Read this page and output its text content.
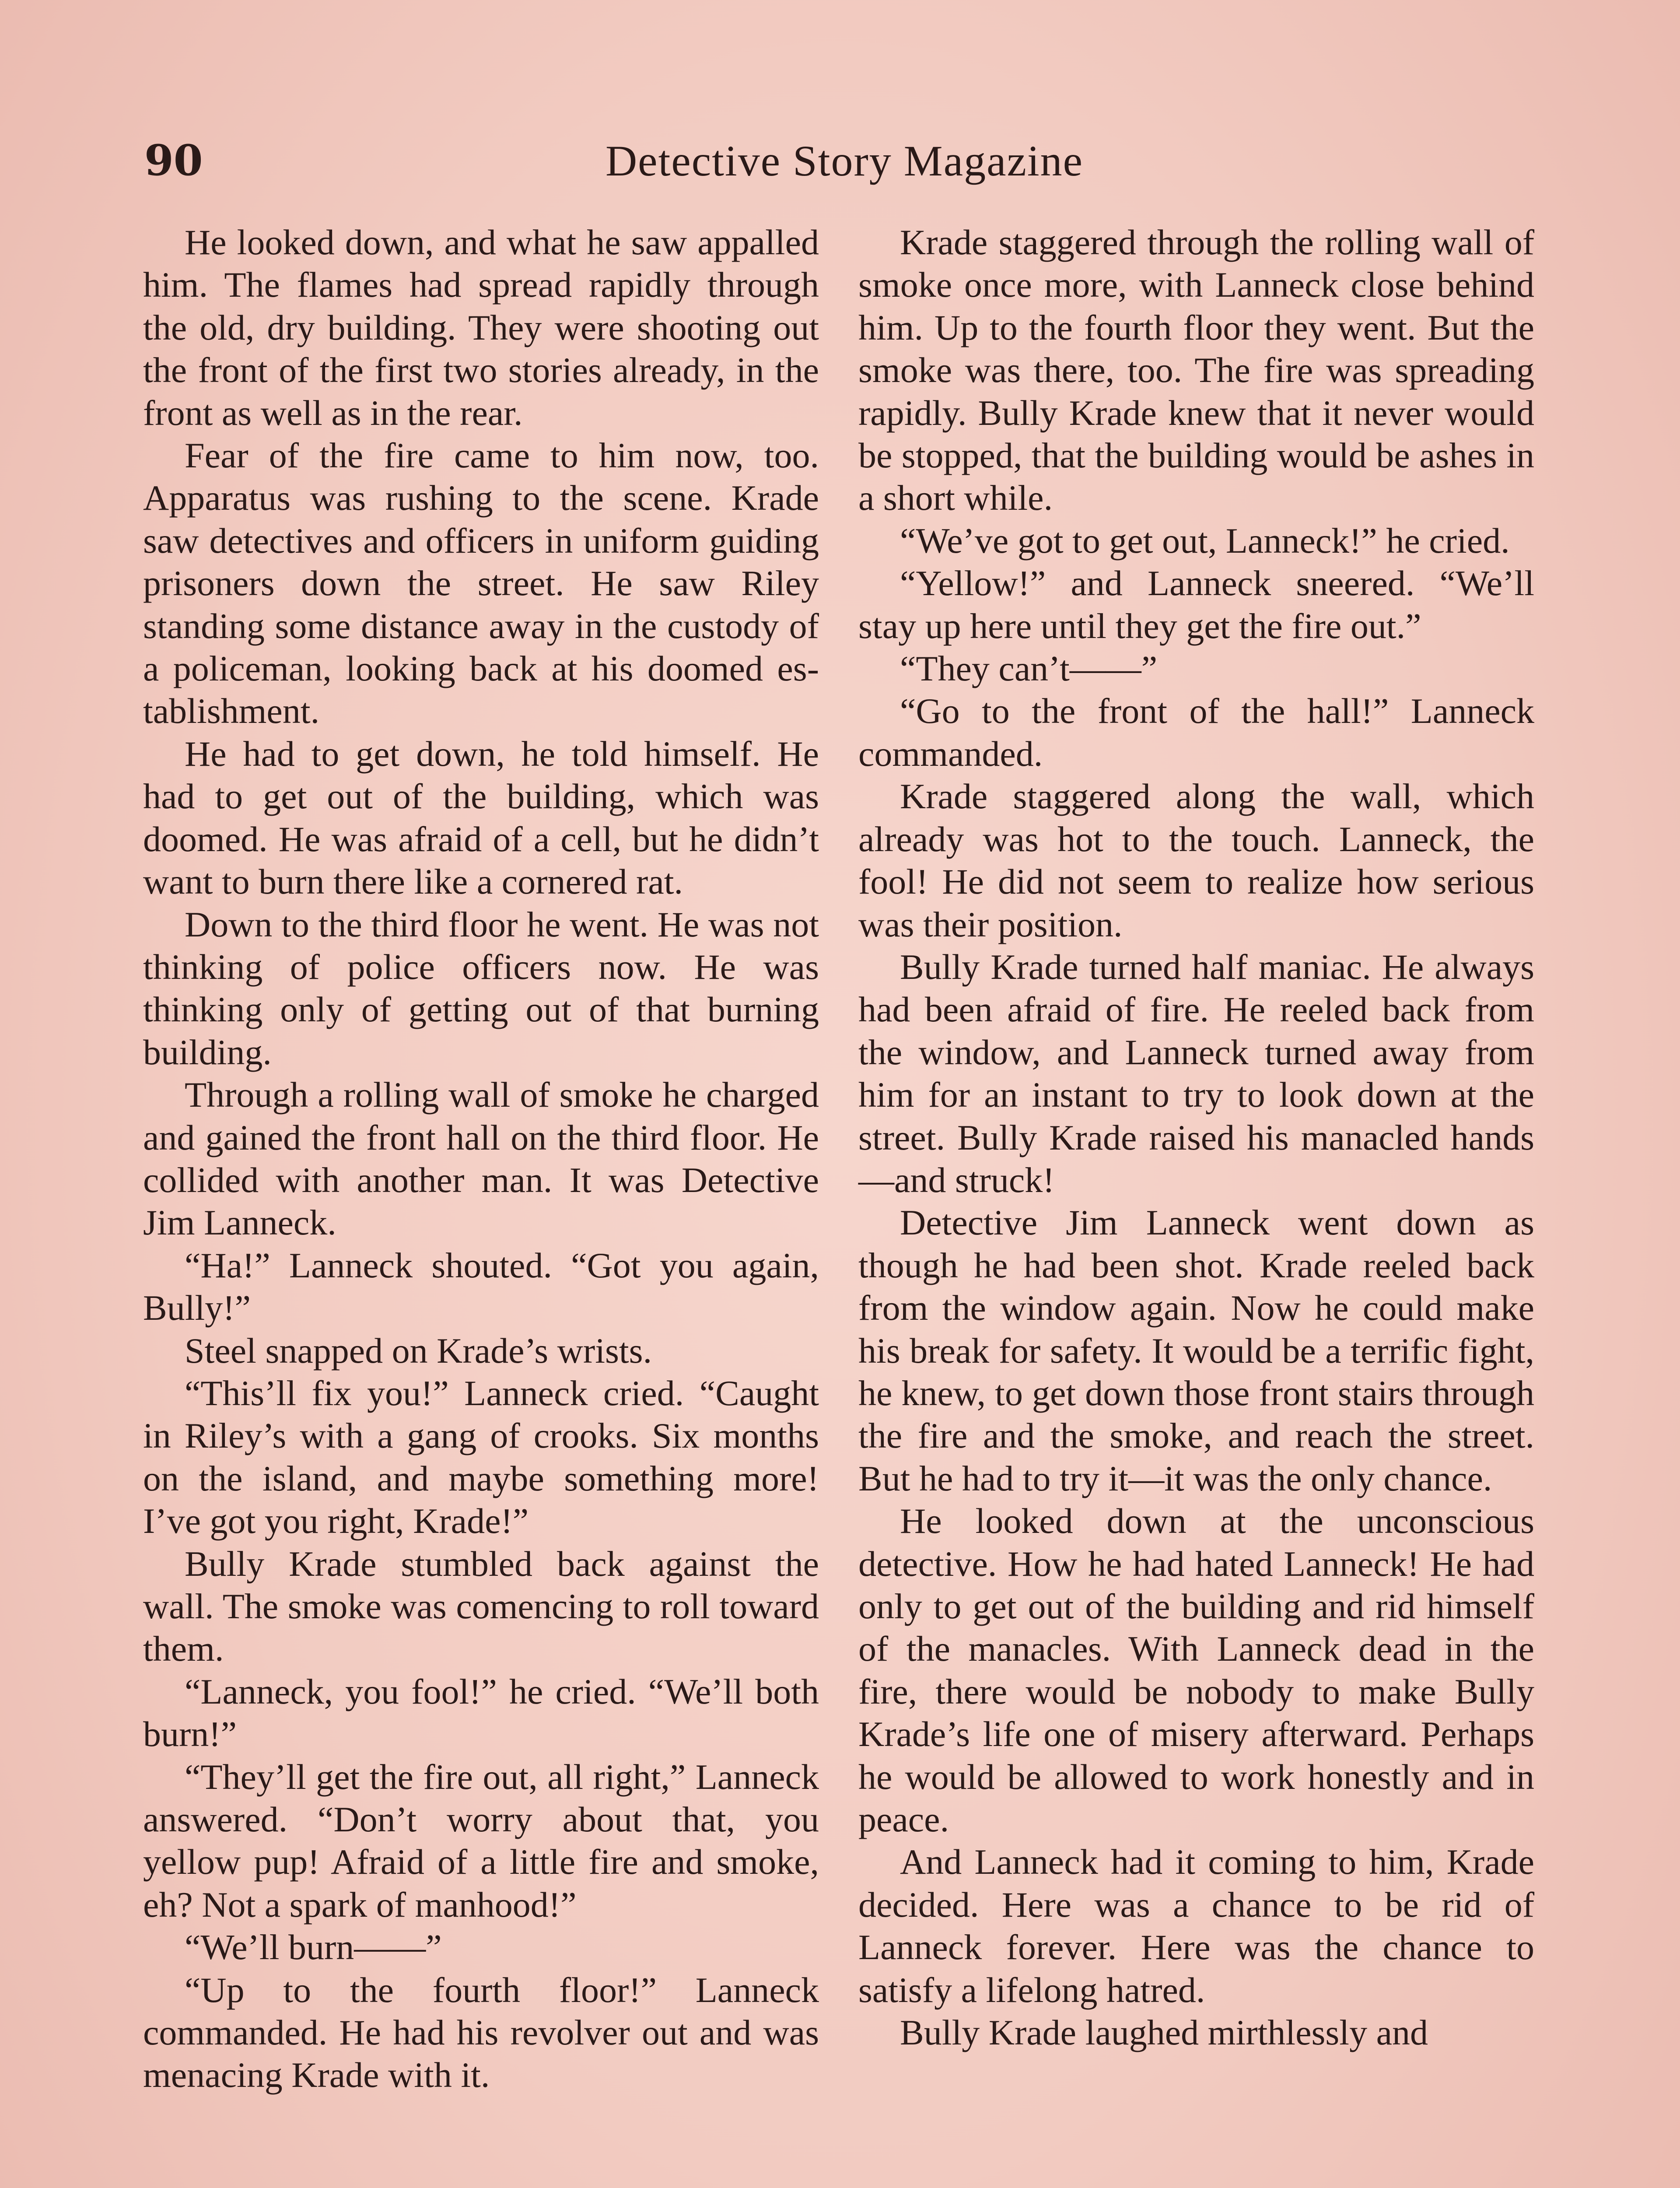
90	Detective Story Magazine

He looked down, and what he saw appalled him. The flames had spread rapidly through the old, dry building. They were shooting out the front of the first two stories already, in the front as well as in the rear.

Fear of the fire came to him now, too. Apparatus was rushing to the scene. Krade saw detectives and officers in uniform guiding prisoners down the street. He saw Riley standing some distance away in the custody of a policeman, looking back at his doomed establishment.

He had to get down, he told himself. He had to get out of the building, which was doomed. He was afraid of a cell, but he didn’t want to burn there like a cornered rat.

Down to the third floor he went. He was not thinking of police officers now. He was thinking only of getting out of that burning building.

Through a rolling wall of smoke he charged and gained the front hall on the third floor. He collided with another man. It was Detective Jim Lanneck.

“Ha!” Lanneck shouted. “Got you again, Bully!”

Steel snapped on Krade’s wrists.

“This’ll fix you!” Lanneck cried. “Caught in Riley’s with a gang of crooks. Six months on the island, and maybe something more! I’ve got you right, Krade!”

Bully Krade stumbled back against the wall. The smoke was comencing to roll toward them.

“Lanneck, you fool!” he cried. “We’ll both burn!”

“They’ll get the fire out, all right,” Lanneck answered. “Don’t worry about that, you yellow pup! Afraid of a little fire and smoke, eh? Not a spark of manhood!”

“We’ll burn——”

“Up to the fourth floor!” Lanneck commanded. He had his revolver out and was menacing Krade with it.

Krade staggered through the rolling wall of smoke once more, with Lanneck close behind him. Up to the fourth floor they went. But the smoke was there, too. The fire was spreading rapidly. Bully Krade knew that it never would be stopped, that the building would be ashes in a short while.

“We’ve got to get out, Lanneck!” he cried.

“Yellow!” and Lanneck sneered. “We’ll stay up here until they get the fire out.”

“They can’t——”

“Go to the front of the hall!” Lanneck commanded.

Krade staggered along the wall, which already was hot to the touch. Lanneck, the fool! He did not seem to realize how serious was their position.

Bully Krade turned half maniac. He always had been afraid of fire. He reeled back from the window, and Lanneck turned away from him for an instant to try to look down at the street. Bully Krade raised his manacled hands —and struck!

Detective Jim Lanneck went down as though he had been shot. Krade reeled back from the window again. Now he could make his break for safety. It would be a terrific fight, he knew, to get down those front stairs through the fire and the smoke, and reach the street. But he had to try it—it was the only chance.

He looked down at the unconscious detective. How he had hated Lanneck! He had only to get out of the building and rid himself of the manacles. With Lanneck dead in the fire, there would be nobody to make Bully Krade’s life one of misery afterward. Perhaps he would be allowed to work honestly and in peace.

And Lanneck had it coming to him, Krade decided. Here was a chance to be rid of Lanneck forever. Here was the chance to satisfy a lifelong hatred.

Bully Krade laughed mirthlessly and
